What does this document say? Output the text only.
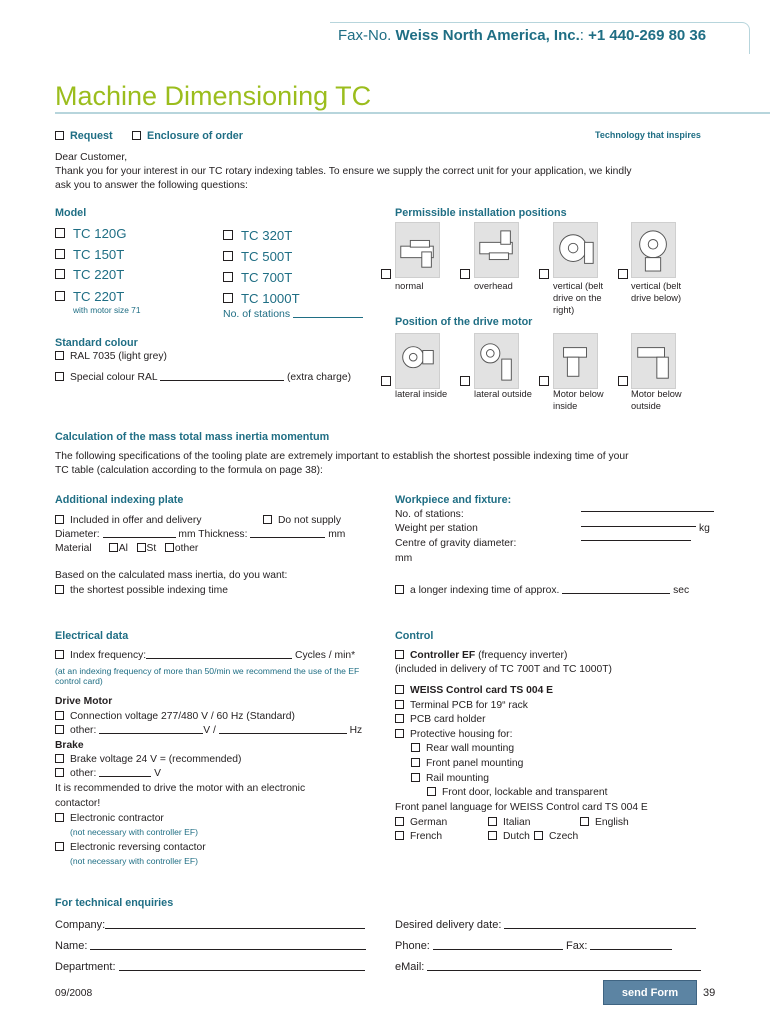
Fax-No. Weiss North America, Inc.: +1 440-269 80 36
Machine Dimensioning TC
Request	Enclosure of order	Technology that inspires
Dear Customer,
Thank you for your interest in our TC rotary indexing tables. To ensure we supply the correct unit for your application, we kindly
ask you to answer the following questions:
Model
TC 120G
TC 150T
TC 220T
TC 220T
with motor size 71
TC 320T
TC 500T
TC 700T
TC 1000T
No. of stations
Permissible installation positions
normal	overhead	vertical (belt drive on the right)
vertical (belt drive below)
Position of the drive motor
lateral inside	lateral outside	Motor below inside
Motor below outside
Standard colour
RAL 7035 (light grey)
Special colour RAL	(extra charge)
Calculation of the mass total mass inertia momentum
The following specifications of the tooling plate are extremely important to establish the shortest possible indexing time of your
TC table (calculation according to the formula on page 38):
Additional indexing plate
Included in offer and delivery	Do not supply
Diameter:	mm Thickness:	mm
Material	Al St other
Workpiece and fixture:
No. of stations:
Weight per station	kg
Centre of gravity diameter:
mm
Based on the calculated mass inertia, do you want:
the shortest possible indexing time	a longer indexing time of approx.	sec
Electrical data
Index frequency:	Cycles / min*
(at an indexing frequency of more than 50/min we recommend the use of the EF control card)
Drive Motor
Connection voltage 277/480 V / 60 Hz (Standard)
other:	V /	Hz
Brake
Brake voltage 24 V = (recommended)
other:	V
It is recommended to drive the motor with an electronic
contactor!
Electronic contractor
(not necessary with controller EF)
Electronic reversing contactor
(not necessary with controller EF)
Control
Controller EF (frequency inverter)
(included in delivery of TC 700T and TC 1000T)
WEISS Control card TS 004 E
Terminal PCB for 19“ rack
PCB card holder
Protective housing for:
Rear wall mounting
Front panel mounting
Rail mounting
Front door, lockable and transparent
Front panel language for WEISS Control card TS 004 E
German	Italian	English
French	Dutch	Czech
For technical enquiries
Company:
Name:
Department:
Desired delivery date:
Phone:	Fax:
eMail:
09/2008	send Form	39
